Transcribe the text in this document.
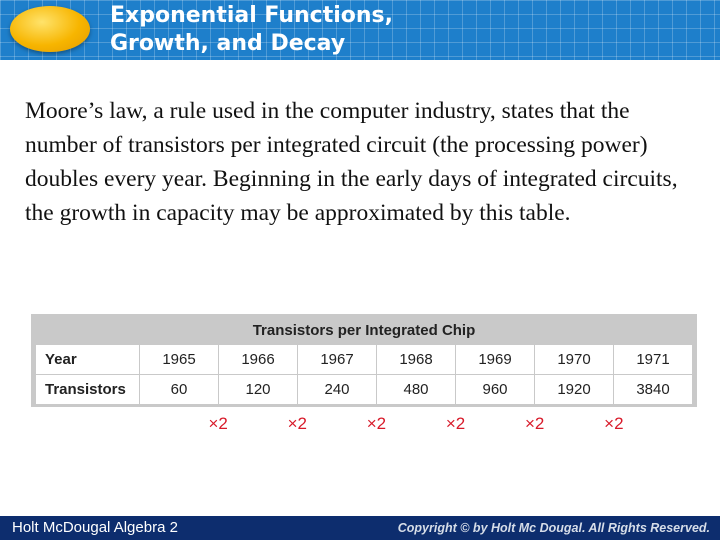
Exponential Functions,
Growth, and Decay

Moore’s law, a rule used in the computer industry, states that the number of transistors per integrated circuit (the processing power) doubles every year. Beginning in the early days of integrated circuits, the growth in capacity may be approximated by this table.

Transistors per Integrated Chip
Year	1965	1966	1967	1968	1969	1970	1971
Transistors	60	120	240	480	960	1920	3840
×2	×2	×2	×2	×2	×2
Holt McDougal Algebra 2	Copyright © by Holt Mc Dougal. All Rights Reserved.
